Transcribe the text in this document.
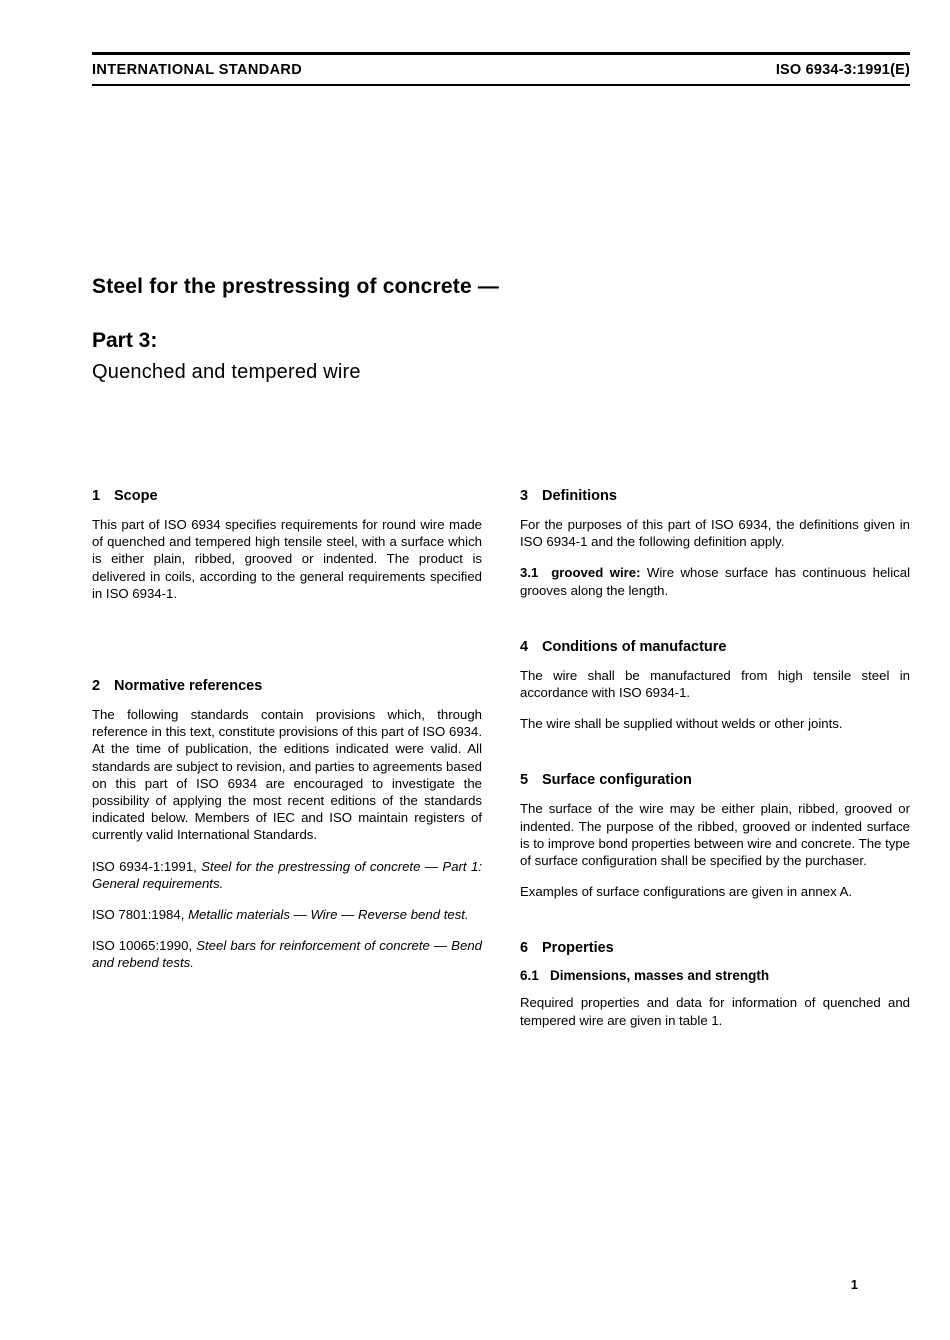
INTERNATIONAL STANDARD	ISO 6934-3:1991(E)
Steel for the prestressing of concrete —
Part 3:
Quenched and tempered wire
1 Scope

This part of ISO 6934 specifies requirements for round wire made of quenched and tempered high tensile steel, with a surface which is either plain, ribbed, grooved or indented. The product is delivered in coils, according to the general requirements specified in ISO 6934-1.

2 Normative references

The following standards contain provisions which, through reference in this text, constitute provisions of this part of ISO 6934. At the time of publication, the editions indicated were valid. All standards are subject to revision, and parties to agreements based on this part of ISO 6934 are encouraged to investigate the possibility of applying the most recent editions of the standards indicated below. Members of IEC and ISO maintain registers of currently valid International Standards.

ISO 6934-1:1991, Steel for the prestressing of concrete — Part 1: General requirements.

ISO 7801:1984, Metallic materials — Wire — Reverse bend test.

ISO 10065:1990, Steel bars for reinforcement of concrete — Bend and rebend tests.

3 Definitions

For the purposes of this part of ISO 6934, the definitions given in ISO 6934-1 and the following definition apply.

3.1 grooved wire: Wire whose surface has continuous helical grooves along the length.

4 Conditions of manufacture

The wire shall be manufactured from high tensile steel in accordance with ISO 6934-1.

The wire shall be supplied without welds or other joints.

5 Surface configuration

The surface of the wire may be either plain, ribbed, grooved or indented. The purpose of the ribbed, grooved or indented surface is to improve bond properties between wire and concrete. The type of surface configuration shall be specified by the purchaser.

Examples of surface configurations are given in annex A.

6 Properties
6.1 Dimensions, masses and strength

Required properties and data for information of quenched and tempered wire are given in table 1.

1
